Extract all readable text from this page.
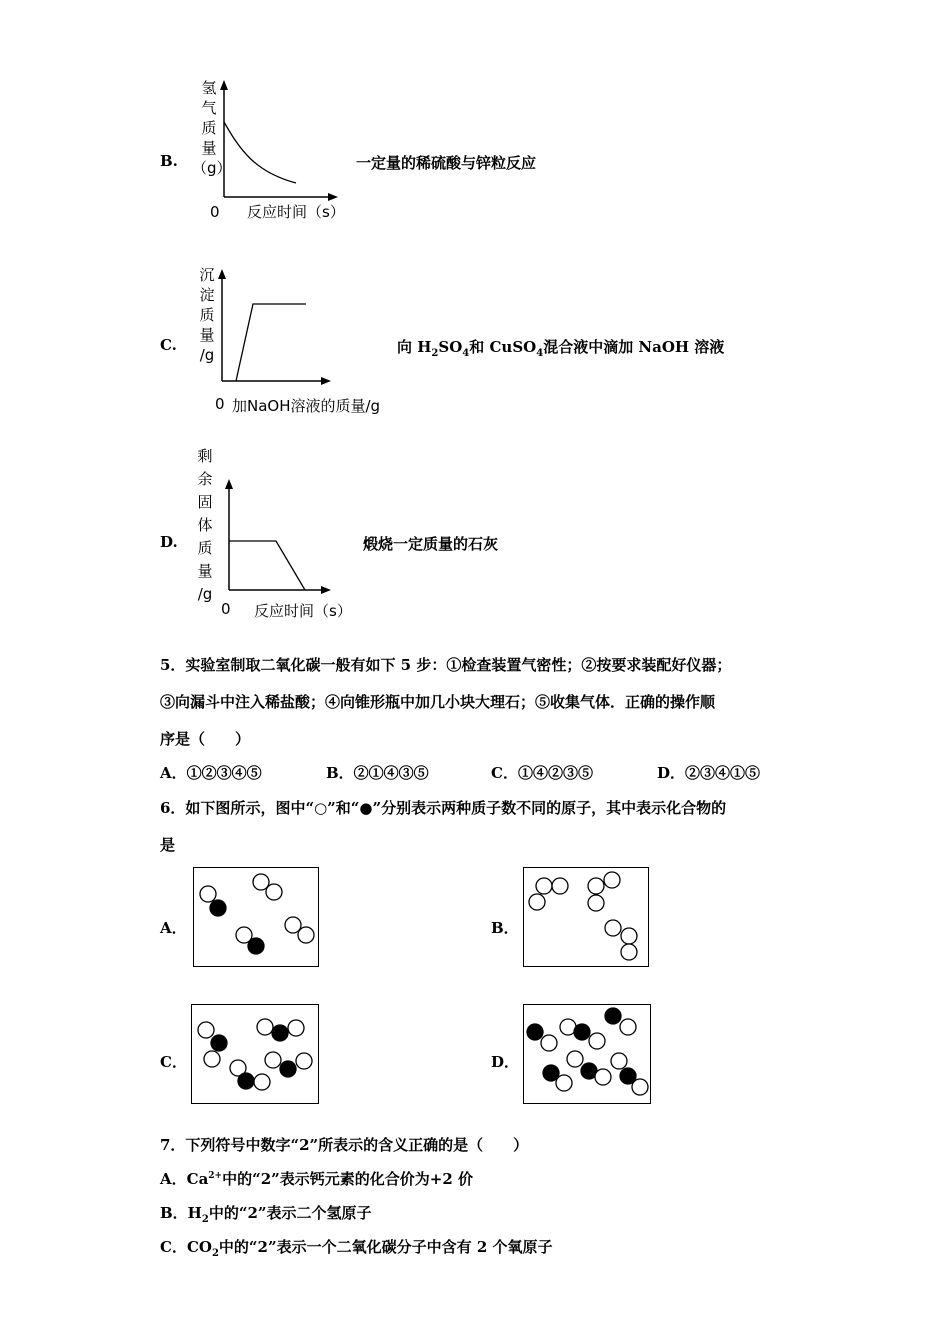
B.
氢
气
质
量
（g）
0 反应时间（s）
一定量的稀硫酸与锌粒反应
C.
沉
淀
质
量
/g
0 加NaOH溶液的质量/g
向 $H_2SO_4$和 CuSO$_4$混合液中滴加 NaOH 溶液
D.
剩
余
固
体
质
量
/g
0 反应时间（s）
煅烧一定质量的石灰
5．实验室制取二氧化碳一般有如下 5 步：①检查装置气密性；②按要求装配好仪器；
③向漏斗中注入稀盐酸；④向锥形瓶中加几小块大理石；⑤收集气体．正确的操作顺
序是（　　）
A．①②③④⑤	B．②①④③⑤	C．①④②③⑤	D．②③④①⑤
6．如下图所示，图中“○”和“●”分别表示两种质子数不同的原子，其中表示化合物的
是
A．	B．
C．	D．
7．下列符号中数字“2”所表示的含义正确的是（　　）
A．$Ca^{2+}$中的“2”表示钙元素的化合价为+2 价
B．$H_2$中的“2”表示二个氢原子
C．$CO_2$中的“2”表示一个二氧化碳分子中含有 2 个氧原子
